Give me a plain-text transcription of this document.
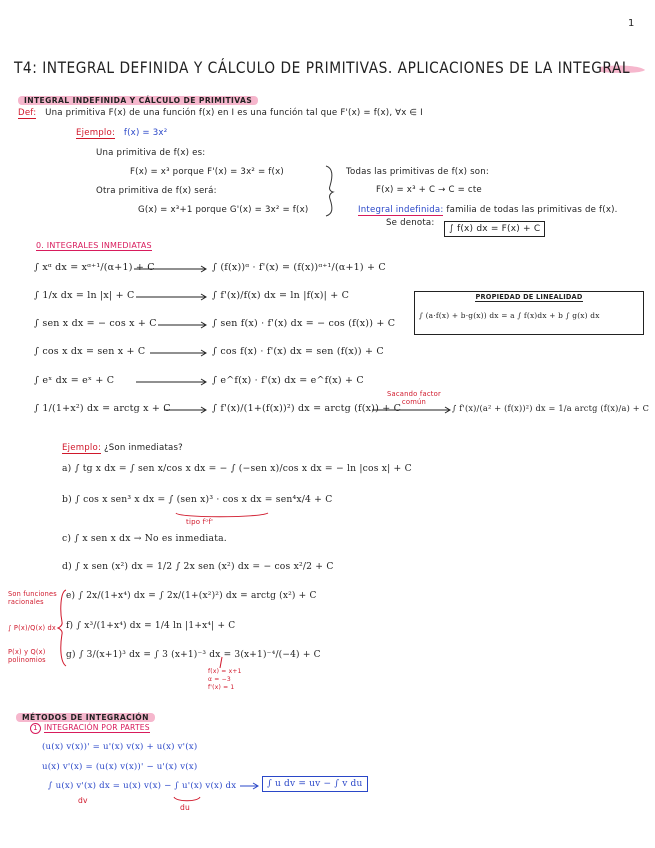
1
T4: INTEGRAL DEFINIDA Y CÁLCULO DE PRIMITIVAS. APLICACIONES DE LA INTEGRAL
INTEGRAL INDEFINIDA Y CÁLCULO DE PRIMITIVAS
Def: Una primitiva F(x) de una función f(x) en I es una función tal que F'(x) = f(x), ∀x ∈ I
Ejemplo: f(x) = 3x²
Una primitiva de f(x) es:
F(x) = x³ porque F'(x) = 3x² = f(x)
Otra primitiva de f(x) será:
G(x) = x³+1 porque G'(x) = 3x² = f(x)
Todas las primitivas de f(x) son:
F(x) = x³ + C → C = cte
Integral indefinida: familia de todas las primitivas de f(x).
Se denota:
∫ f(x) dx = F(x) + C
0. INTEGRALES INMEDIATAS
∫ xᵅ dx = xᵅ⁺¹/(α+1) + C	∫ (f(x))ᵅ · f'(x) = (f(x))ᵅ⁺¹/(α+1) + C
∫ 1/x dx = ln |x| + C	∫ f'(x)/f(x) dx = ln |f(x)| + C
∫ sen x dx = − cos x + C	∫ sen f(x) · f'(x) dx = − cos (f(x)) + C
∫ cos x dx = sen x + C	∫ cos f(x) · f'(x) dx = sen (f(x)) + C
∫ eˣ dx = eˣ + C	∫ e^f(x) · f'(x) dx = e^f(x) + C
∫ 1/(1+x²) dx = arctg x + C	∫ f'(x)/(1+(f(x))²) dx = arctg (f(x)) + C
PROPIEDAD DE LINEALIDAD
∫ (a·f(x) + b·g(x)) dx = a ∫ f(x)dx + b ∫ g(x) dx
Sacando factor común
∫ f'(x)/(a² + (f(x))²) dx = 1/a arctg (f(x)/a) + C
Ejemplo: ¿Son inmediatas?
a) ∫ tg x dx = ∫ sen x/cos x dx = − ∫ (−sen x)/cos x dx = − ln |cos x| + C
b) ∫ cos x sen³ x dx = ∫ (sen x)³ · cos x dx = sen⁴x/4 + C
tipo fᵅf'
c) ∫ x sen x dx → No es inmediata.
d) ∫ x sen (x²) dx = 1/2 ∫ 2x sen (x²) dx = − cos x²/2 + C
e) ∫ 2x/(1+x⁴) dx = ∫ 2x/(1+(x²)²) dx = arctg (x²) + C
f) ∫ x³/(1+x⁴) dx = 1/4 ln |1+x⁴| + C
g) ∫ 3/(x+1)³ dx = ∫ 3 (x+1)⁻³ dx = 3(x+1)⁻⁴/(−4) + C
f(x) = x+1
α = −3
f'(x) = 1
Son funciones racionales
∫ P(x)/Q(x) dx
P(x) y Q(x) polinomios
MÉTODOS DE INTEGRACIÓN
1 INTEGRACIÓN POR PARTES
(u(x) v(x))' = u'(x) v(x) + u(x) v'(x)
u(x) v'(x) = (u(x) v(x))' − u'(x) v(x)
∫ u(x) v'(x) dx = u(x) v(x) − ∫ u'(x) v(x) dx
dv
du
∫ u dv = uv − ∫ v du
